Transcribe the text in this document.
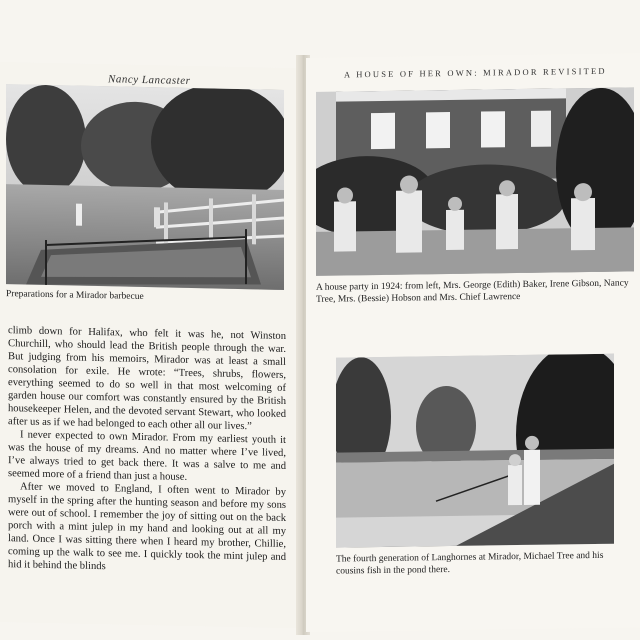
Nancy Lancaster
Preparations for a Mirador barbecue

climb down for Halifax, who felt it was he, not Winston Churchill, who should lead the British people through the war. But judging from his memoirs, Mirador was at least a small consolation for exile. He wrote: “Trees, shrubs, flowers, everything seemed to do so well in that most welcoming of garden house our comfort was constantly ensured by the British housekeeper Helen, and the devoted servant Stewart, who looked after us as if we had belonged to each other all our lives.”

I never expected to own Mirador. From my earliest youth it was the house of my dreams. And no matter where I’ve lived, I’ve always tried to get back there. It was a salve to me and seemed more of a friend than just a house.

After we moved to England, I often went to Mirador by myself in the spring after the hunting season and before my sons were out of school. I remember the joy of sitting out on the back porch with a mint julep in my hand and looking out at all my land. Once I was sitting there when I heard my brother, Chillie, coming up the walk to see me. I quickly took the mint julep and hid it behind the blinds

A HOUSE OF HER OWN: MIRADOR REVISITED
A house party in 1924: from left, Mrs. George (Edith) Baker, Irene Gibson, Nancy Tree, Mrs. (Bessie) Hobson and Mrs. Chief Lawrence
The fourth generation of Langhornes at Mirador, Michael Tree and his cousins fish in the pond there.
